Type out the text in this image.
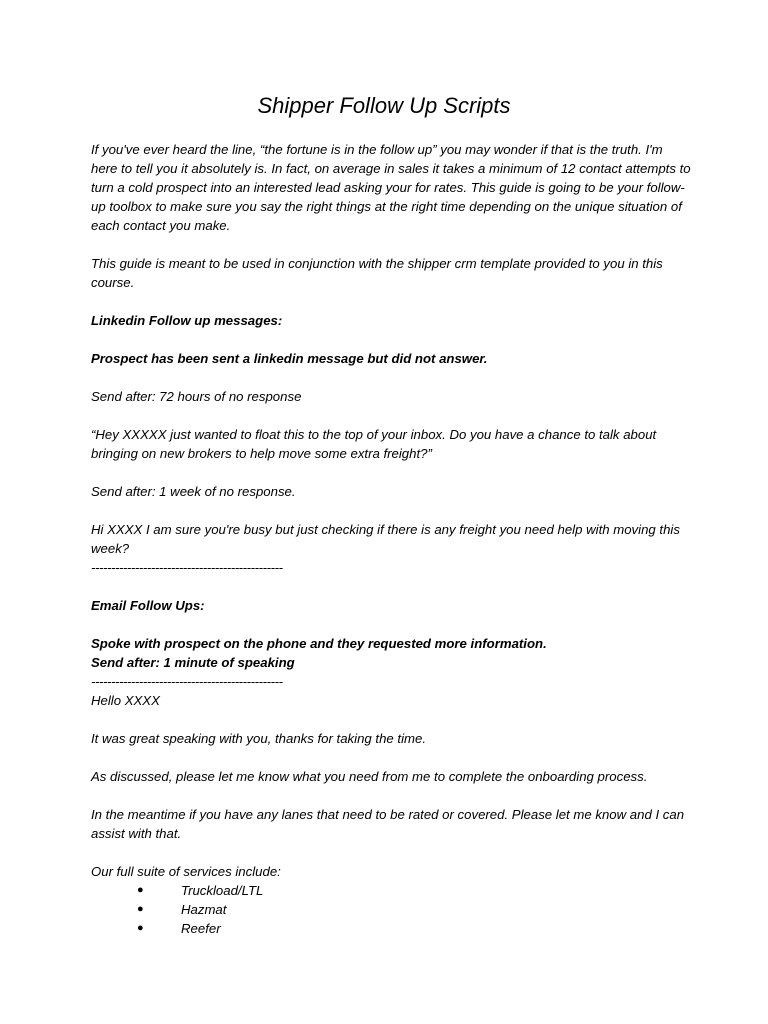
Shipper Follow Up Scripts

If you've ever heard the line, “the fortune is in the follow up” you may wonder if that is the truth. I'm here to tell you it absolutely is. In fact, on average in sales it takes a minimum of 12 contact attempts to turn a cold prospect into an interested lead asking your for rates. This guide is going to be your follow-up toolbox to make sure you say the right things at the right time depending on the unique situation of each contact you make.

This guide is meant to be used in conjunction with the shipper crm template provided to you in this course.

Linkedin Follow up messages:

Prospect has been sent a linkedin message but did not answer.

Send after: 72 hours of no response

“Hey XXXXX just wanted to float this to the top of your inbox. Do you have a chance to talk about bringing on new brokers to help move some extra freight?”

Send after: 1 week of no response.

Hi XXXX I am sure you're busy but just checking if there is any freight you need help with moving this week?

------------------------------------------------

Email Follow Ups:

Spoke with prospect on the phone and they requested more information.

Send after: 1 minute of speaking

------------------------------------------------

Hello XXXX

It was great speaking with you, thanks for taking the time.

As discussed, please let me know what you need from me to complete the onboarding process.

In the meantime if you have any lanes that need to be rated or covered. Please let me know and I can assist with that.

Our full suite of services include:

●	Truckload/LTL
●	Hazmat
●	Reefer
